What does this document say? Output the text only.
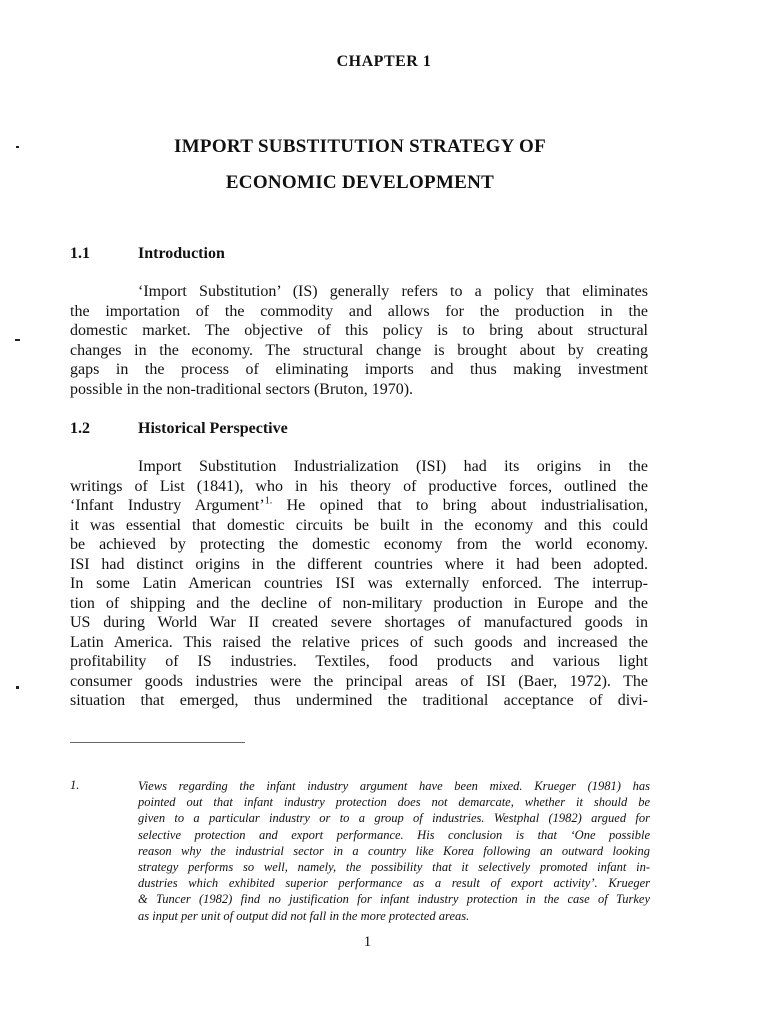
CHAPTER 1
IMPORT SUBSTITUTION STRATEGY OF
ECONOMIC DEVELOPMENT
1.1	Introduction
‘Import Substitution’ (IS) generally refers to a policy that eliminates
the importation of the commodity and allows for the production in the
domestic market. The objective of this policy is to bring about structural
changes in the economy. The structural change is brought about by creating
gaps in the process of eliminating imports and thus making investment
possible in the non-traditional sectors (Bruton, 1970).
1.2	Historical Perspective
Import Substitution Industrialization (ISI) had its origins in the
writings of List (1841), who in his theory of productive forces, outlined the
‘Infant Industry Argument’$^{1.}$ He opined that to bring about industrialisation,
it was essential that domestic circuits be built in the economy and this could
be achieved by protecting the domestic economy from the world economy.
ISI had distinct origins in the different countries where it had been adopted.
In some Latin American countries ISI was externally enforced. The interrup-
tion of shipping and the decline of non-military production in Europe and the
US during World War II created severe shortages of manufactured goods in
Latin America. This raised the relative prices of such goods and increased the
profitability of IS industries. Textiles, food products and various light
consumer goods industries were the principal areas of ISI (Baer, 1972). The
situation that emerged, thus undermined the traditional acceptance of divi-
1.	Views regarding the infant industry argument have been mixed. Krueger (1981) has
pointed out that infant industry protection does not demarcate, whether it should be
given to a particular industry or to a group of industries. Westphal (1982) argued for
selective protection and export performance. His conclusion is that ‘One possible
reason why the industrial sector in a country like Korea following an outward looking
strategy performs so well, namely, the possibility that it selectively promoted infant in-
dustries which exhibited superior performance as a result of export activity’. Krueger
& Tuncer (1982) find no justification for infant industry protection in the case of Turkey
as input per unit of output did not fall in the more protected areas.
1
